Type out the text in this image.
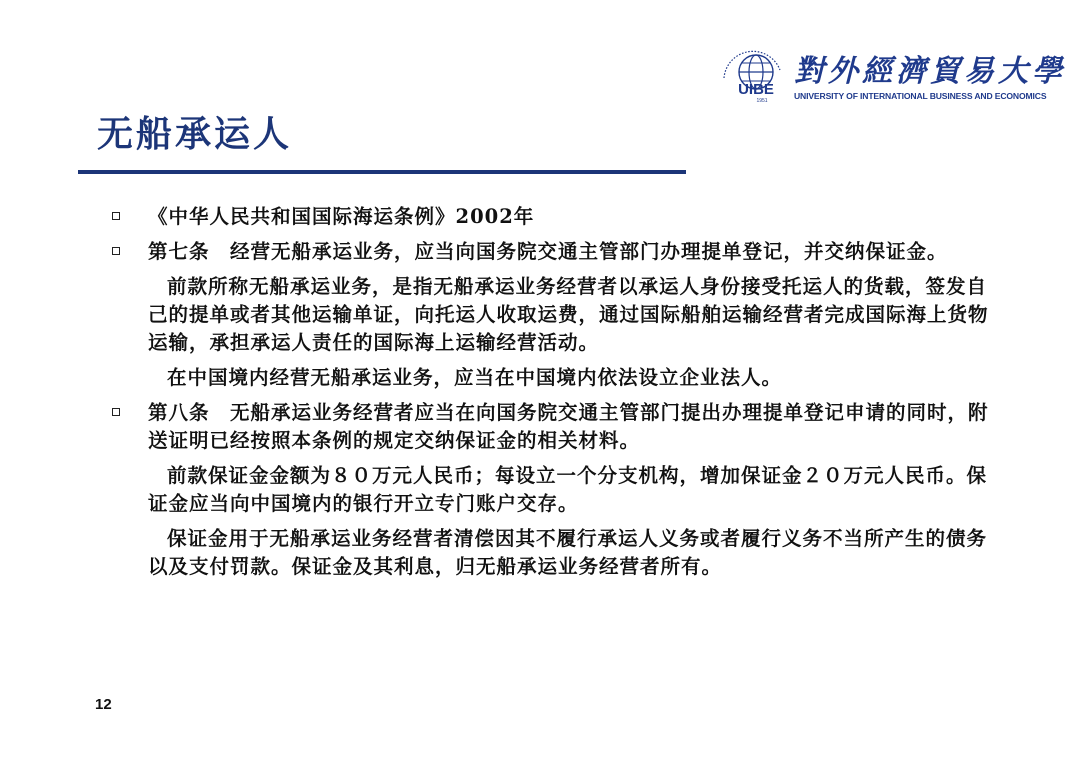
UIBE
1951
對外經濟貿易大學
UNIVERSITY OF INTERNATIONAL BUSINESS AND ECONOMICS
无船承运人
《中华人民共和国国际海运条例》2002年
第七条　经营无船承运业务，应当向国务院交通主管部门办理提单登记，并交纳保证金。
前款所称无船承运业务，是指无船承运业务经营者以承运人身份接受托运人的货载，签发自己的提单或者其他运输单证，向托运人收取运费，通过国际船舶运输经营者完成国际海上货物运输，承担承运人责任的国际海上运输经营活动。
在中国境内经营无船承运业务，应当在中国境内依法设立企业法人。
第八条　无船承运业务经营者应当在向国务院交通主管部门提出办理提单登记申请的同时，附送证明已经按照本条例的规定交纳保证金的相关材料。
前款保证金金额为８０万元人民币；每设立一个分支机构，增加保证金２０万元人民币。保证金应当向中国境内的银行开立专门账户交存。
保证金用于无船承运业务经营者清偿因其不履行承运人义务或者履行义务不当所产生的债务以及支付罚款。保证金及其利息，归无船承运业务经营者所有。
12
